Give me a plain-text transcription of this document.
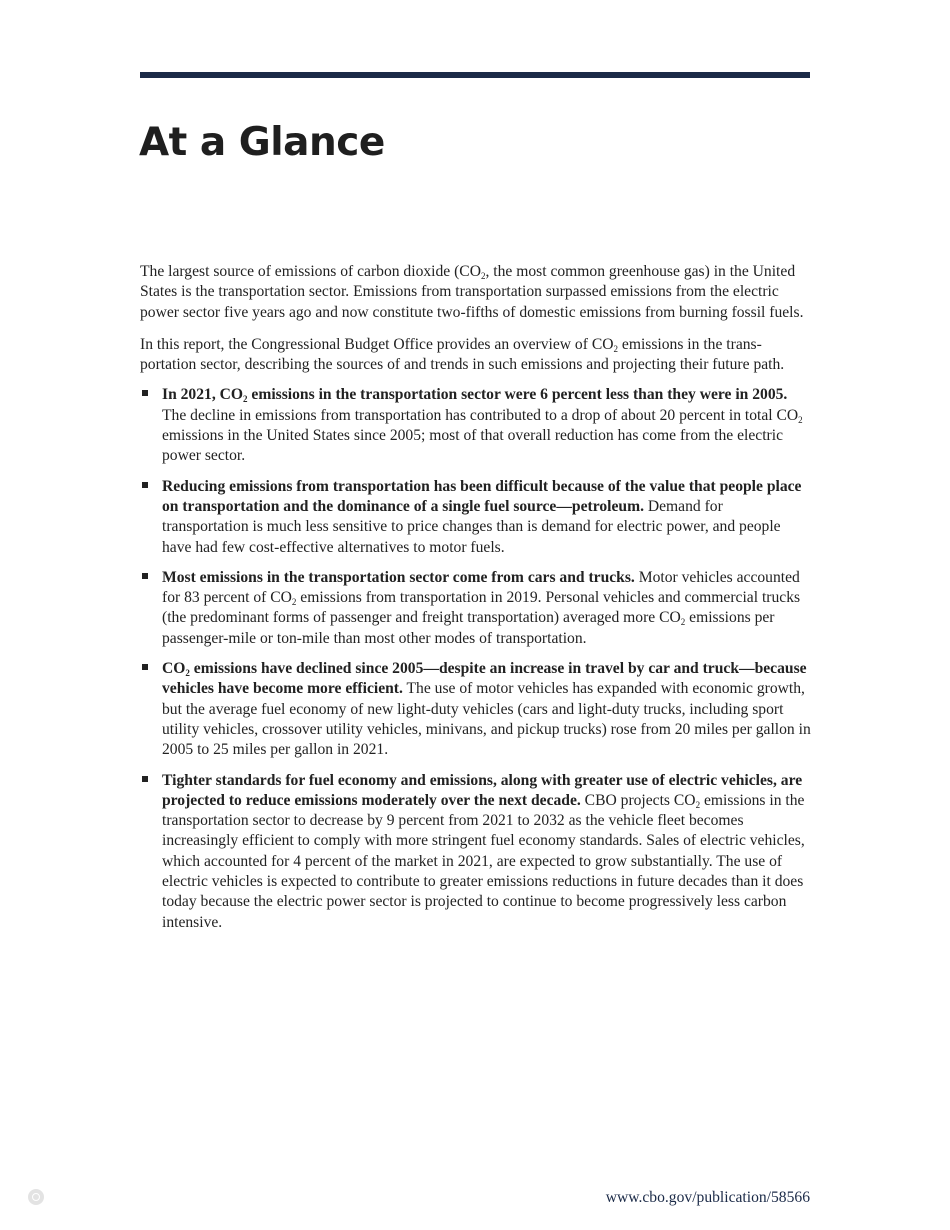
At a Glance

The largest source of emissions of carbon dioxide ($CO_2$, the most common greenhouse gas) in the United States is the transportation sector. Emissions from transportation surpassed emissions from the electric power sector five years ago and now constitute two-fifths of domestic emissions from burning fossil fuels.

In this report, the Congressional Budget Office provides an overview of $CO_2$ emissions in the trans-portation sector, describing the sources of and trends in such emissions and projecting their future path.

In 2021, $CO_2$ emissions in the transportation sector were 6 percent less than they were in 2005. The decline in emissions from transportation has contributed to a drop of about 20 percent in total $CO_2$ emissions in the United States since 2005; most of that overall reduction has come from the electric power sector.
Reducing emissions from transportation has been difficult because of the value that people place on transportation and the dominance of a single fuel source—petroleum. Demand for transportation is much less sensitive to price changes than is demand for electric power, and people have had few cost-effective alternatives to motor fuels.
Most emissions in the transportation sector come from cars and trucks. Motor vehicles accounted for 83 percent of $CO_2$ emissions from transportation in 2019. Personal vehicles and commercial trucks (the predominant forms of passenger and freight transportation) averaged more $CO_2$ emissions per passenger-mile or ton-mile than most other modes of transportation.
$CO_2$ emissions have declined since 2005—despite an increase in travel by car and truck—because vehicles have become more efficient. The use of motor vehicles has expanded with economic growth, but the average fuel economy of new light-duty vehicles (cars and light-duty trucks, including sport utility vehicles, crossover utility vehicles, minivans, and pickup trucks) rose from 20 miles per gallon in 2005 to 25 miles per gallon in 2021.
Tighter standards for fuel economy and emissions, along with greater use of electric vehicles, are projected to reduce emissions moderately over the next decade. CBO projects $CO_2$ emissions in the transportation sector to decrease by 9 percent from 2021 to 2032 as the vehicle fleet becomes increasingly efficient to comply with more stringent fuel economy standards. Sales of electric vehicles, which accounted for 4 percent of the market in 2021, are expected to grow substantially. The use of electric vehicles is expected to contribute to greater emissions reductions in future decades than it does today because the electric power sector is projected to continue to become progressively less carbon intensive.
www.cbo.gov/publication/58566
